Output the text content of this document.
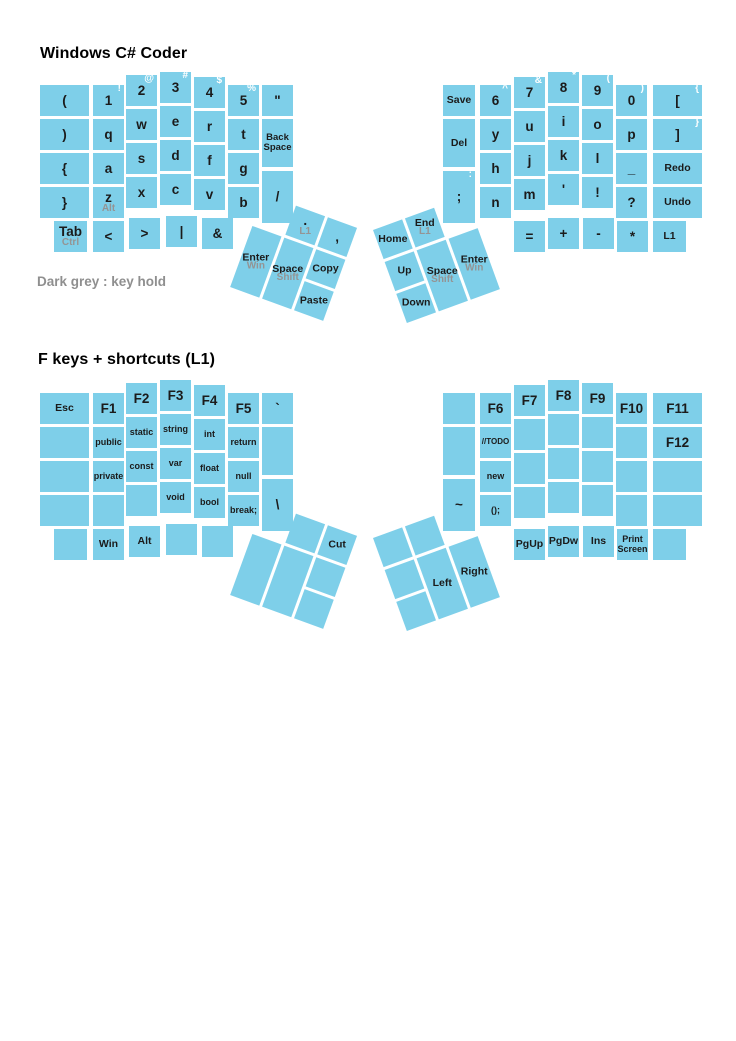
Windows C# Coder
Enter
Win
.
L1
Space
Shift
,
Copy
Paste
Home
End
L1
Up
Down
Space
Shift
Enter
Win
(
)
{
}
1
!
q
a
z
Alt
2
@
w
s
x
3
#
e
d
c
4
$
r
f
v
5
%
t
g
b
"
Back Space
/
Tab
Ctrl < > | &
Save
Del
;
:
6
^
y
h
n
7
&
u
j
m
8
*
i
k
'
9
(
o
l
!
0
)
p
_
?
[
{
]
}
Redo
Undo
= + - *	L1
Dark grey : key hold
F keys + shortcuts (L1)
Cut
Left
Right
Esc F1
public
private
F2
static
const
F3
string
var
void
F4
int
float
bool
F5
return
null
break;
`
\
Win Alt
~
F6
//TODO
new
();
F7 F8 F9
F10 F11
F12
PgUp PgDw Ins	Print Screen
